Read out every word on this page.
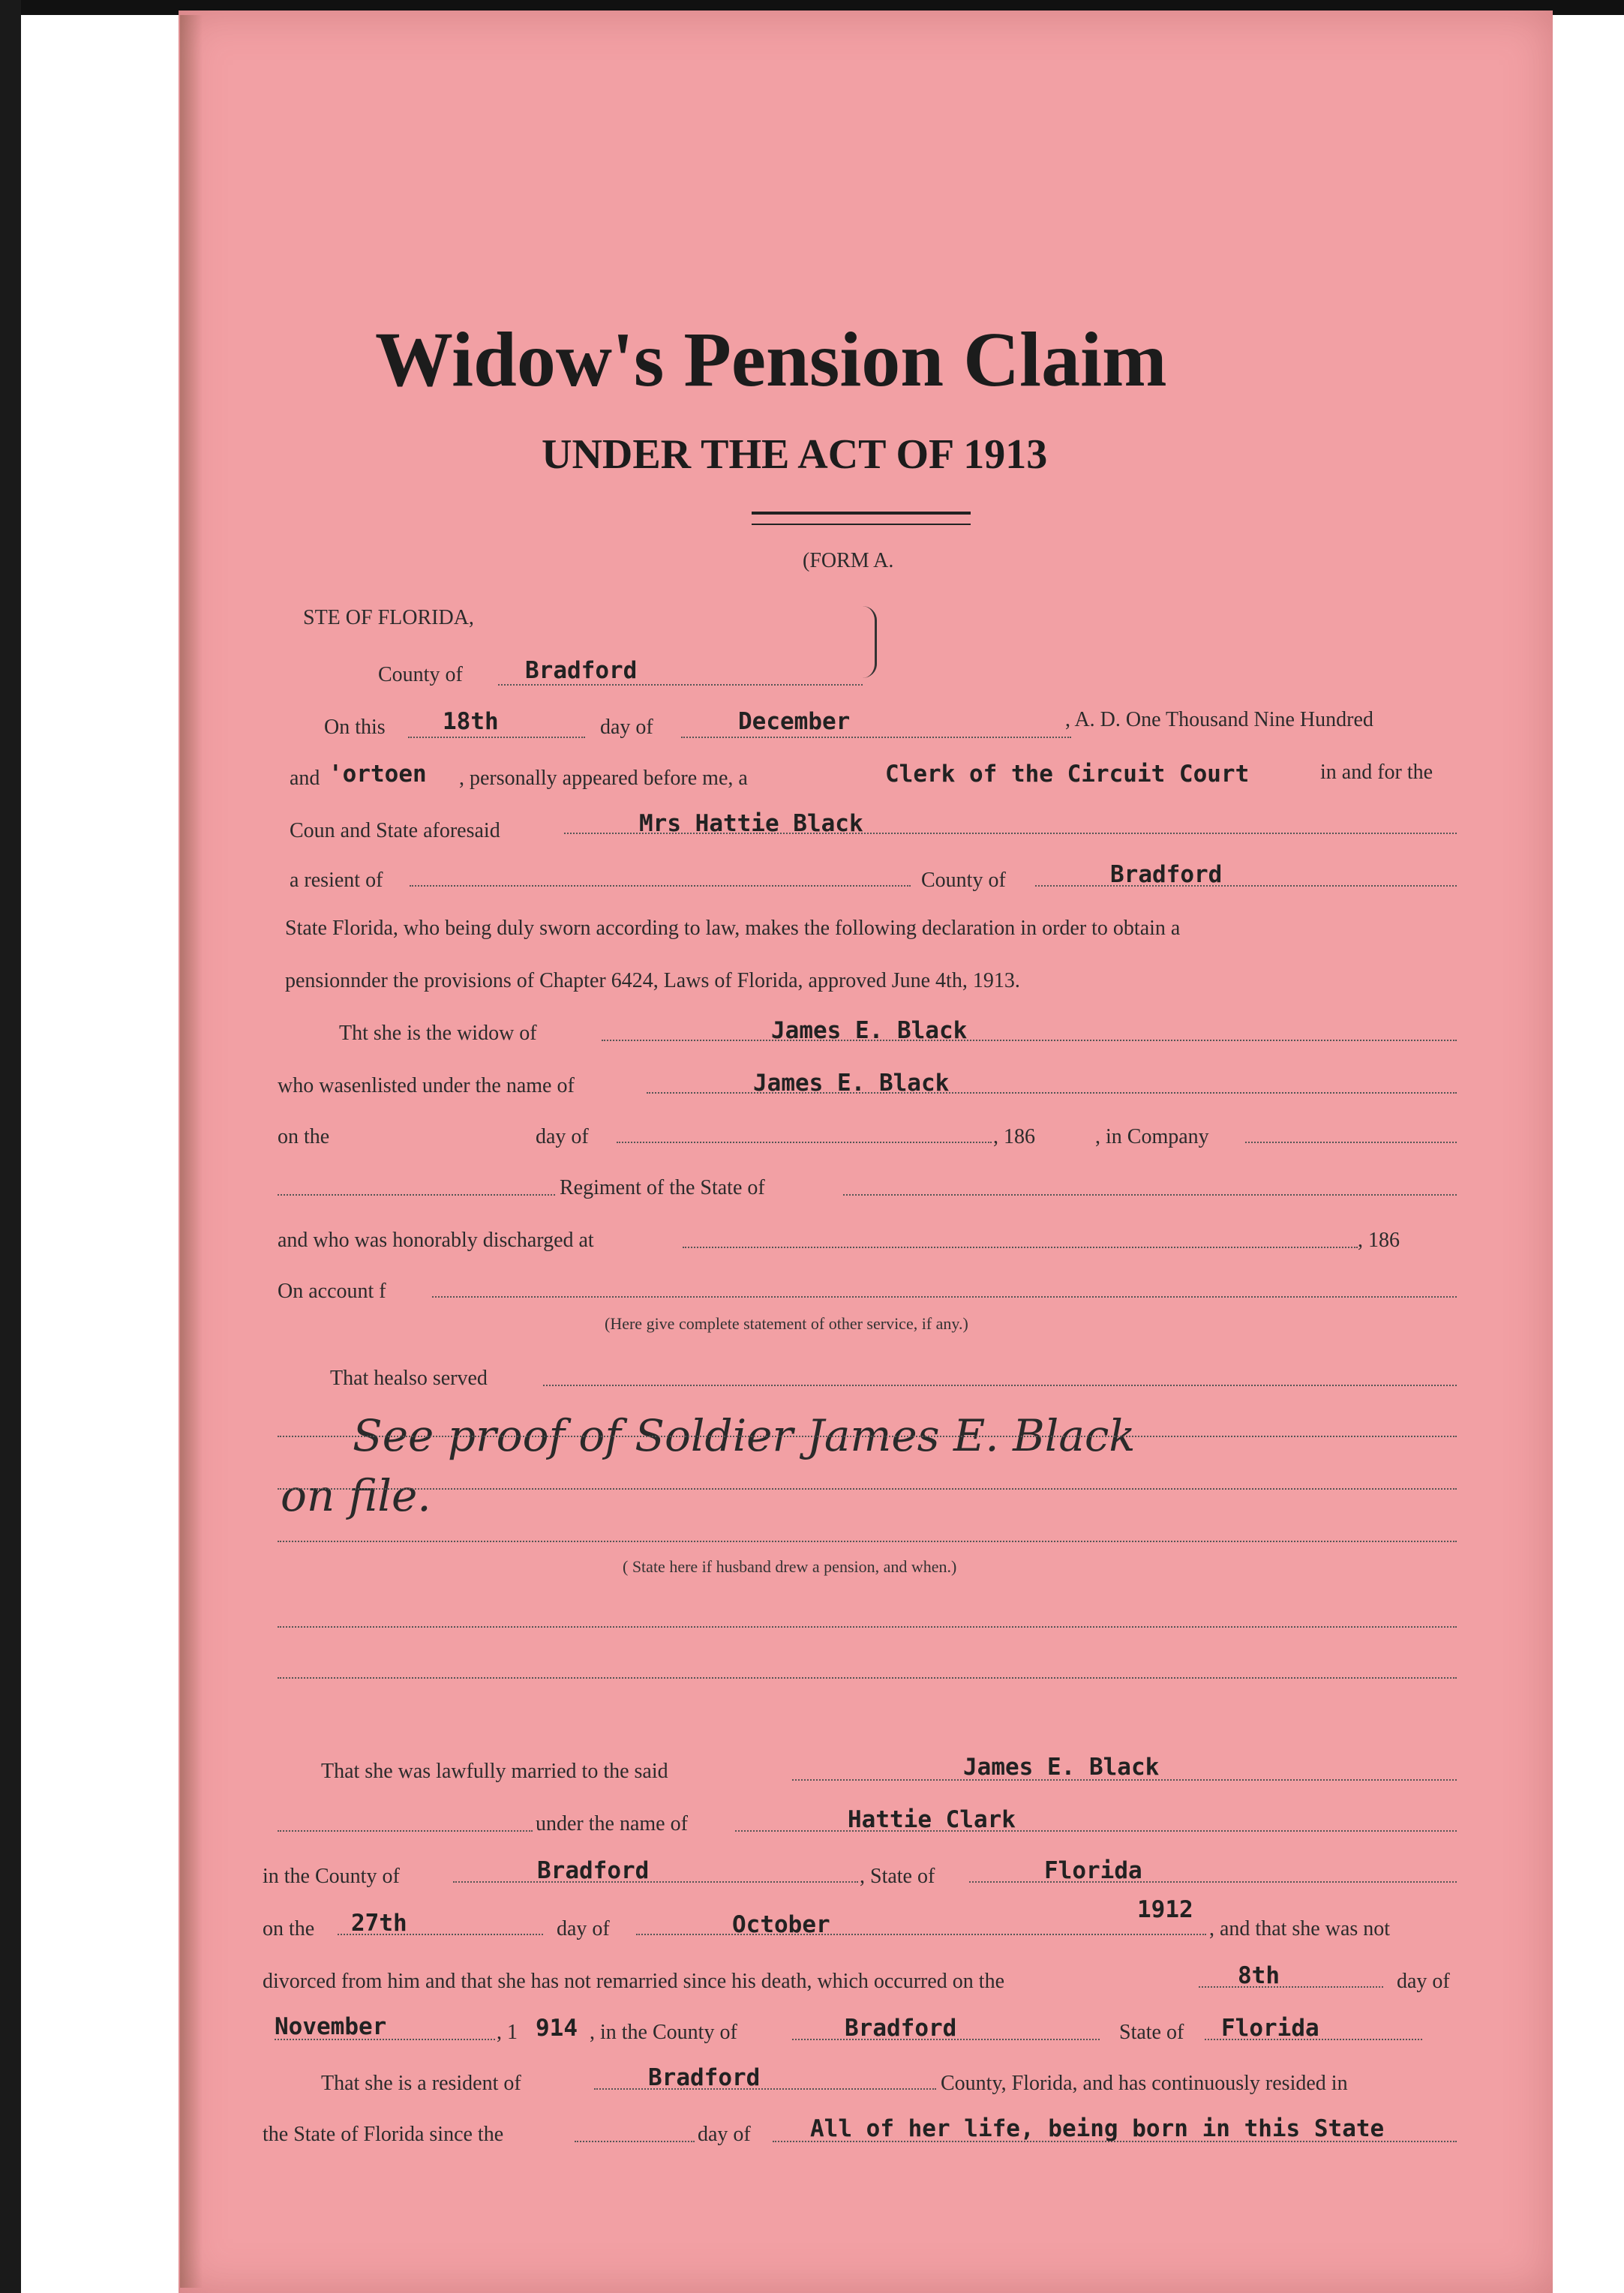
Widow's Pension Claim
UNDER THE ACT OF 1913
(FORM A.
STE OF FLORIDA,
County of	Bradford
On this 18th	day of	December	, A. D. One Thousand Nine Hundred
and 'ortoen , personally appeared before me, a	Clerk of the Circuit Court	in and for the
Coun and State aforesaid	Mrs Hattie Black
a resient of	County of	Bradford
State Florida, who being duly sworn according to law, makes the following declaration in order to obtain a
pensionnder the provisions of Chapter 6424, Laws of Florida, approved June 4th, 1913.
Tht she is the widow of	James E. Black
who wasenlisted under the name of	James E. Black
on the	day of	, 186	, in Company
Regiment of the State of
and who was honorably discharged at	, 186
On account f
(Here give complete statement of other service, if any.)
That healso served
See proof of Soldier James E. Black
on file.
( State here if husband drew a pension, and when.)
That she was lawfully married to the said	James E. Black
under the name of	Hattie Clark
in the County of	Bradford	, State of	Florida
on the 27th	day of	October
1912
, and that she was not
divorced from him and that she has not remarried since his death, which occurred on the	8th	day of
November	, 1 914 , in the County of	Bradford	State of Florida
That she is a resident of	Bradford	County, Florida, and has continuously resided in
the State of Florida since the	day of	All of her life, being born in this State
